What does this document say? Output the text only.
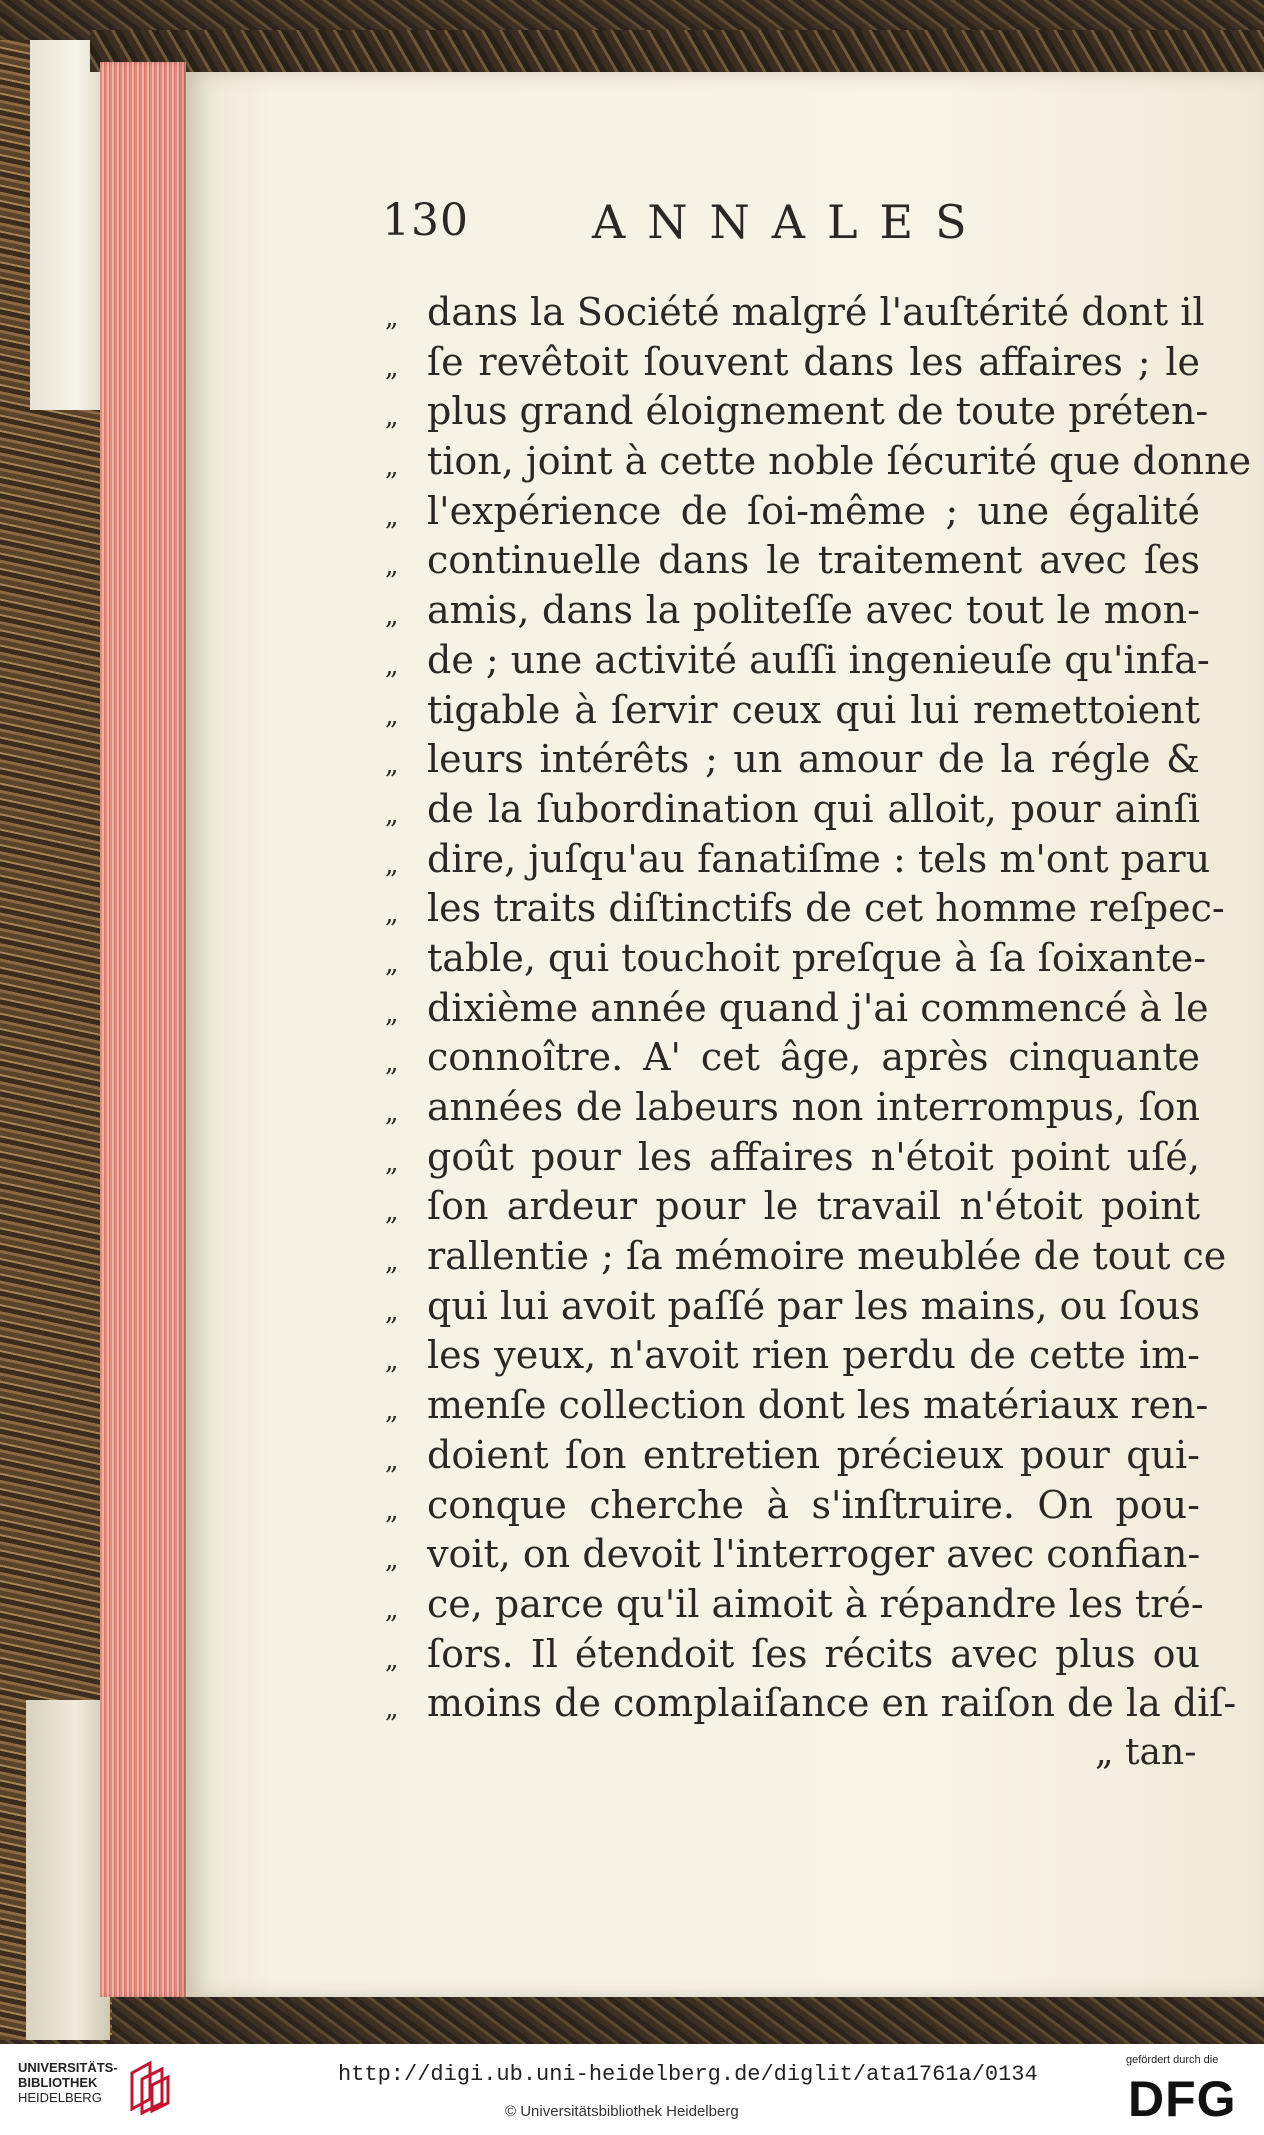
130	ANNALES
„ dans la Société malgré l'auſtérité dont il
„ ſe revêtoit ſouvent dans les affaires ; le
„ plus grand éloignement de toute préten-
„ tion, joint à cette noble ſécurité que donne
„ l'expérience de ſoi-même ; une égalité
„ continuelle dans le traitement avec ſes
„ amis, dans la politeſſe avec tout le mon-
„ de ; une activité auſſi ingenieuſe qu'infa-
„ tigable à ſervir ceux qui lui remettoient
„ leurs intérêts ; un amour de la régle &
„ de la ſubordination qui alloit, pour ainſi
„ dire, juſqu'au fanatiſme : tels m'ont paru
„ les traits diſtinctifs de cet homme reſpec-
„ table, qui touchoit preſque à ſa ſoixante-
„ dixième année quand j'ai commencé à le
„ connoître. A' cet âge, après cinquante
„ années de labeurs non interrompus, ſon
„ goût pour les affaires n'étoit point uſé,
„ ſon ardeur pour le travail n'étoit point
„ rallentie ; ſa mémoire meublée de tout ce
„ qui lui avoit paſſé par les mains, ou ſous
„ les yeux, n'avoit rien perdu de cette im-
„ menſe collection dont les matériaux ren-
„ doient ſon entretien précieux pour qui-
„ conque cherche à s'inſtruire. On pou-
„ voit, on devoit l'interroger avec confian-
„ ce, parce qu'il aimoit à répandre les tré-
„ ſors. Il étendoit ſes récits avec plus ou
„ moins de complaiſance en raiſon de la diſ-
„ tan-
UNIVERSITÄTS-
BIBLIOTHEK
HEIDELBERG
http://digi.ub.uni-heidelberg.de/diglit/ata1761a/0134
© Universitätsbibliothek Heidelberg
gefördert durch die
DFG
